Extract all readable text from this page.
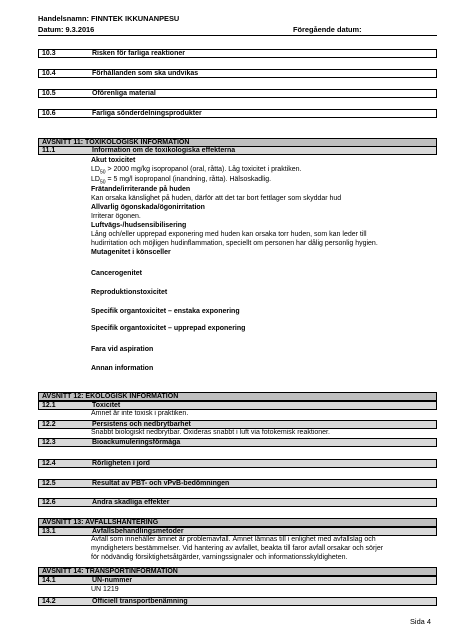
Handelsnamn: FINNTEK IKKUNANPESU
Datum: 9.3.2016	Föregående datum:
10.3	Risken för farliga reaktioner
10.4	Förhållanden som ska undvikas
10.5	Oförenliga material
10.6	Farliga sönderdelningsprodukter
AVSNITT 11: TOXIKOLOGISK INFORMATION
11.1	Information om de toxikologiska effekterna
Akut toxicitet
$LD_{50} > 2000$ mg/kg isopropanol (oral, råtta). Låg toxicitet i praktiken.
$LD_{50} = 5$ mg/l isopropanol (inandning, råtta). Hälsoskadlig.
Frätande/irriterande på huden
Kan orsaka känslighet på huden, därför att det tar bort fettlager som skyddar hud
Allvarlig ögonskada/ögonirritation
Irriterar ögonen.
Luftvägs-/hudsensibilisering
Lång och/eller upprepad exponering med huden kan orsaka torr huden, som kan leder till
hudirritation och möjligen hudinflammation, speciellt om personen har dålig personlig hygien.
Mutagenitet i könsceller
Cancerogenitet
Reproduktionstoxicitet
Specifik organtoxicitet – enstaka exponering
Specifik organtoxicitet – upprepad exponering
Fara vid aspiration
Annan information
AVSNITT 12: EKOLOGISK INFORMATION
12.1	Toxicitet
Ämnet är inte toxisk i praktiken.
12.2	Persistens och nedbrytbarhet
Snabbt biologiskt nedbrytbar. Oxideras snabbt i luft via fotokemisk reaktioner.
12.3	Bioackumuleringsförmåga
12.4	Rörligheten i jord
12.5	Resultat av PBT- och vPvB-bedömningen
12.6	Andra skadliga effekter
AVSNITT 13: AVFALLSHANTERING
13.1	Avfallsbehandlingsmetoder
Avfall som innehåller ämnet är problemavfall. Ämnet lämnas till i enlighet med avfallslag och
myndigheters bestämmelser. Vid hantering av avfallet, beakta till faror avfall orsakar och sörjer
för nödvändig försiktighetsåtgärder, varningssignaler och informationsskyldigheten.
AVSNITT 14: TRANSPORTINFORMATION
14.1	UN-nummer
UN 1219
14.2	Officiell transportbenämning
Sida 4
